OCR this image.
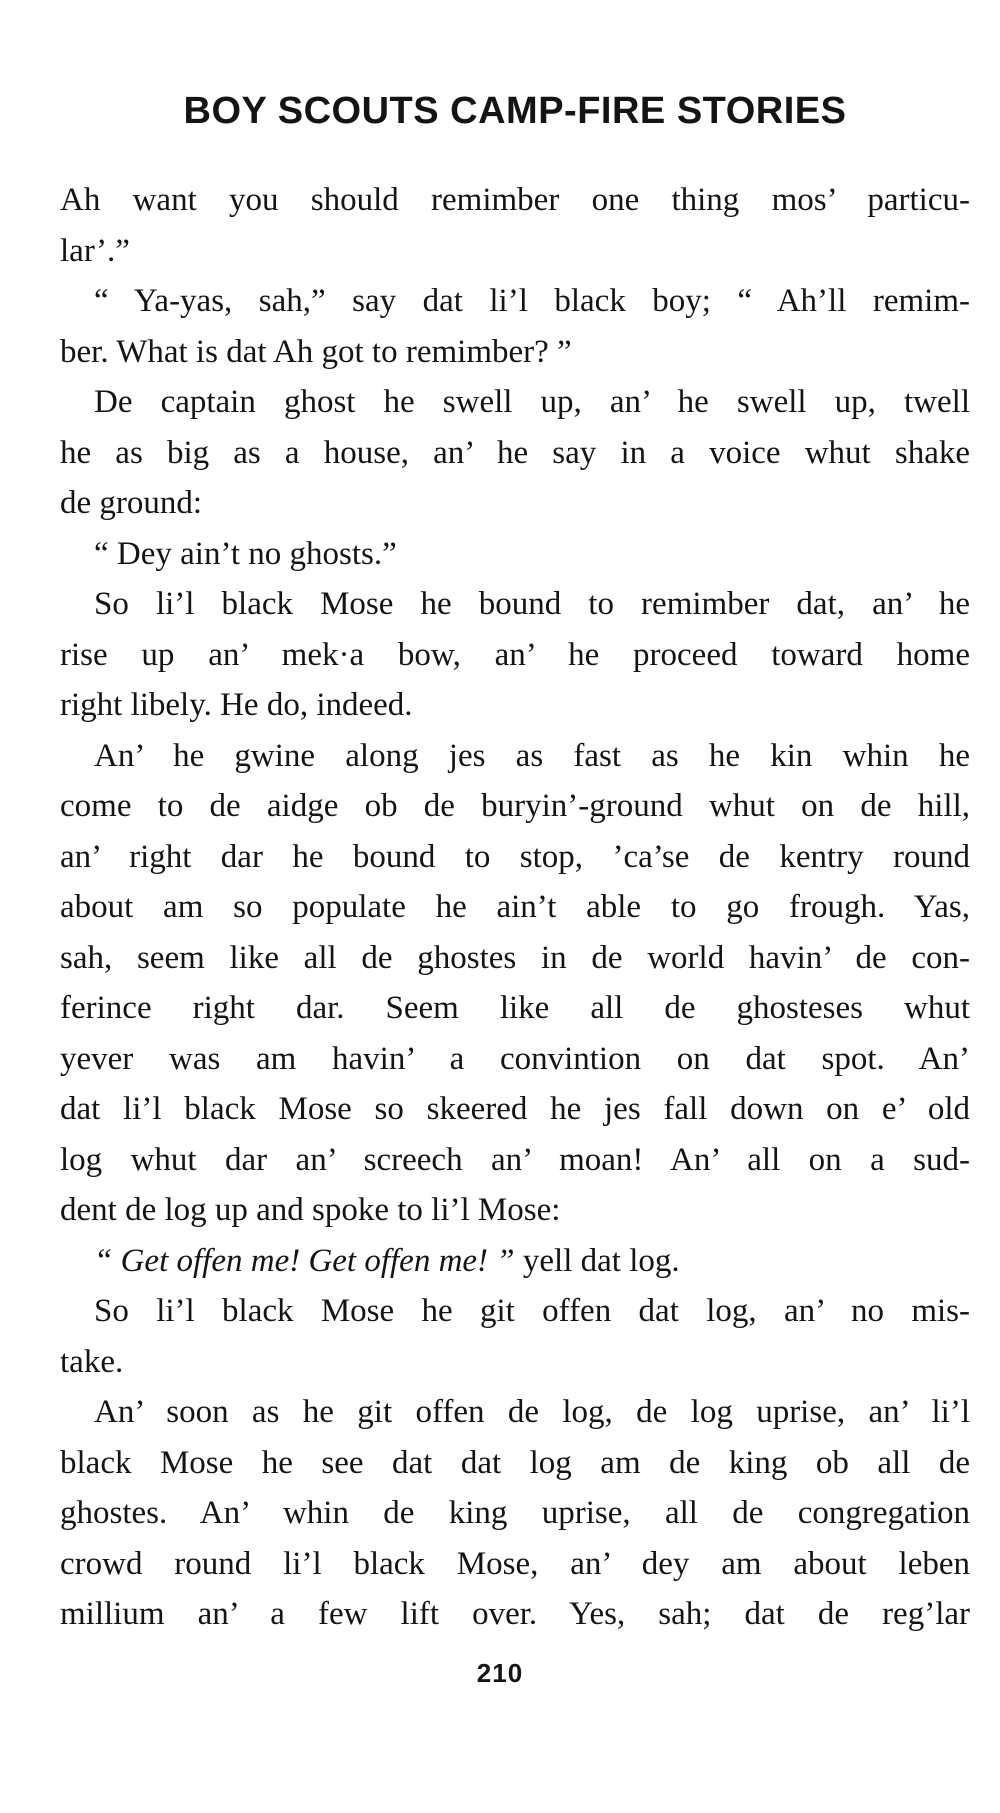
BOY SCOUTS CAMP-FIRE STORIES
Ah want you should remimber one thing mos’ particu-
lar’.”
“ Ya-yas, sah,” say dat li’l black boy; “ Ah’ll remim-
ber. What is dat Ah got to remimber? ”
De captain ghost he swell up, an’ he swell up, twell
he as big as a house, an’ he say in a voice whut shake
de ground:
“ Dey ain’t no ghosts.”
So li’l black Mose he bound to remimber dat, an’ he
rise up an’ mek·a bow, an’ he proceed toward home
right libely. He do, indeed.
An’ he gwine along jes as fast as he kin whin he
come to de aidge ob de buryin’-ground whut on de hill,
an’ right dar he bound to stop, ’ca’se de kentry round
about am so populate he ain’t able to go frough. Yas,
sah, seem like all de ghostes in de world havin’ de con-
ferince right dar. Seem like all de ghosteses whut
yever was am havin’ a convintion on dat spot. An’
dat li’l black Mose so skeered he jes fall down on e’ old
log whut dar an’ screech an’ moan! An’ all on a sud-
dent de log up and spoke to li’l Mose:
“ Get offen me! Get offen me! ” yell dat log.
So li’l black Mose he git offen dat log, an’ no mis-
take.
An’ soon as he git offen de log, de log uprise, an’ li’l
black Mose he see dat dat log am de king ob all de
ghostes. An’ whin de king uprise, all de congregation
crowd round li’l black Mose, an’ dey am about leben
millium an’ a few lift over. Yes, sah; dat de reg’lar
210
